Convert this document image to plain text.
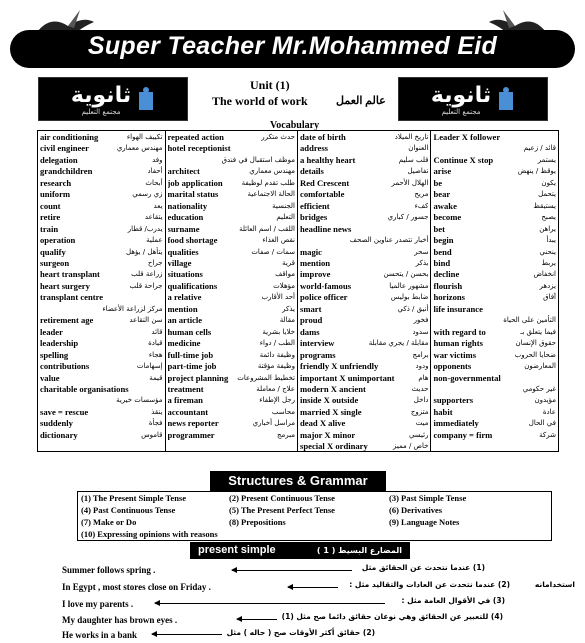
Super Teacher Mr.Mohammed Eid
ثانوية
مجتمع التعليم
ثانوية
مجتمع التعليم
Unit (1)
The world of work	عالم العمل
Vocabulary
air conditioning	تكييف الهواء
civil engineer	مهندس معماري
delegation	وفد
grandchildren	أحفاد
research	أبحاث
uniform	زي رسمي
count	يعد
retire	يتقاعد
train	يدرب/ قطار
operation	عملية
qualify	يتأهل / يؤهل
surgeon	جراح
heart transplant	زراعة قلب
heart surgery	جراحة قلب
transplant centre
مركز لزراعة الأعضاء
retirement age	سن التقاعد
leader	قائد
leadership	قيادة
spelling	هجاء
contributions	إسهامات
value	قيمة
charitable organisations
مؤسسات خيرية
save = rescue	ينقذ
suddenly	فجأة
dictionary	قاموس
repeated action	حدث متكرر
hotel receptionist
موظف استقبال في فندق
architect	مهندس معماري
job application	طلب تقدم لوظيفة
marital status	الحالة الاجتماعية
nationality	الجنسية
education	التعليم
surname	اللقب / اسم العائلة
food shortage	نقص الغذاء
qualities	سمات / صفات
village	قرية
situations	مواقف
qualifications	مؤهلات
a relative	أحد الأقارب
mention	يذكر
an article	مقالة
human cells	خلايا بشرية
medicine	الطب / دواء
full-time job	وظيفة دائمة
part-time job	وظيفة مؤقتة
project planning تخطيط المشروعات
treatment	علاج / معاملة
a fireman	رجل الإطفاء
accountant	محاسب
news reporter	مراسل أخباري
programmer	مبرمج
date of birth	تاريخ الميلاد
address	العنوان
a healthy heart	قلب سليم
details	تفاصيل
Red Crescent	الهلال الأحمر
comfortable	مريح
efficient	كفء
bridges	جسور / كباري
headline news
أخبار تتصدر عناوين الصحف
magic	سحر
mention	يذكر
improve	يحسن / يتحسن
world-famous	مشهور عالميا
police officer	ضابط بوليس
smart	أنيق / ذكي
proud	فخور
dams	سدود
interview	مقابلة / يجري مقابلة
programs	برامج
friendly X unfriendly	ودود
important X unimportant	هام
modern X ancient	حديث
inside X outside	داخل
married X single	متزوج
dead X alive	ميت
major X minor	رئيسي
special X ordinary	خاص / مميز
Leader X follower
قائد / زعيم
Continue X stop	يستمر
arise	يوقظ / ينهض
be	يكون
bear	يتحمل
awake	يستيقظ
become	يصبح
bet	يراهن
begin	يبدأ
bend	ينحني
bind	يربط
decline	انخفاض
flourish	يزدهر
horizons	آفاق
life insurance
التأمين على الحياة
with regard to	فيما يتعلق بـ
human rights	حقوق الإنسان
war victims	ضحايا الحروب
opponents	المعارضون
non-governmental
غير حكومي
supporters	مؤيدون
habit	عادة
immediately	في الحال
company = firm	شركة
Structures & Grammar
(1) The Present Simple Tense	(2) Present Continuous Tense	(3) Past Simple Tense
(4) Past Continuous Tense	(5) The Present Perfect Tense	(6) Derivatives
(7) Make or Do	(8) Prepositions	(9) Language Notes
(10) Expressing opinions with reasons
present simple	المضارع البسيط ( 1 )
Summer follows spring .
In Egypt , most stores close on Friday .
I love my parents .
My daughter has brown eyes .
He works in a bank
(1) عندما نتحدث عن الحقائق مثل
(2) عندما نتحدث عن العادات والتقاليد مثل :	استخدامانه
(3) في الأقوال العامة مثل :
(4) للتعبير عن الحقائق وهي نوعان حقائق دائما صح مثل (1)
(2) حقائق أكثر الأوقات صح ( حاله ) مثل
